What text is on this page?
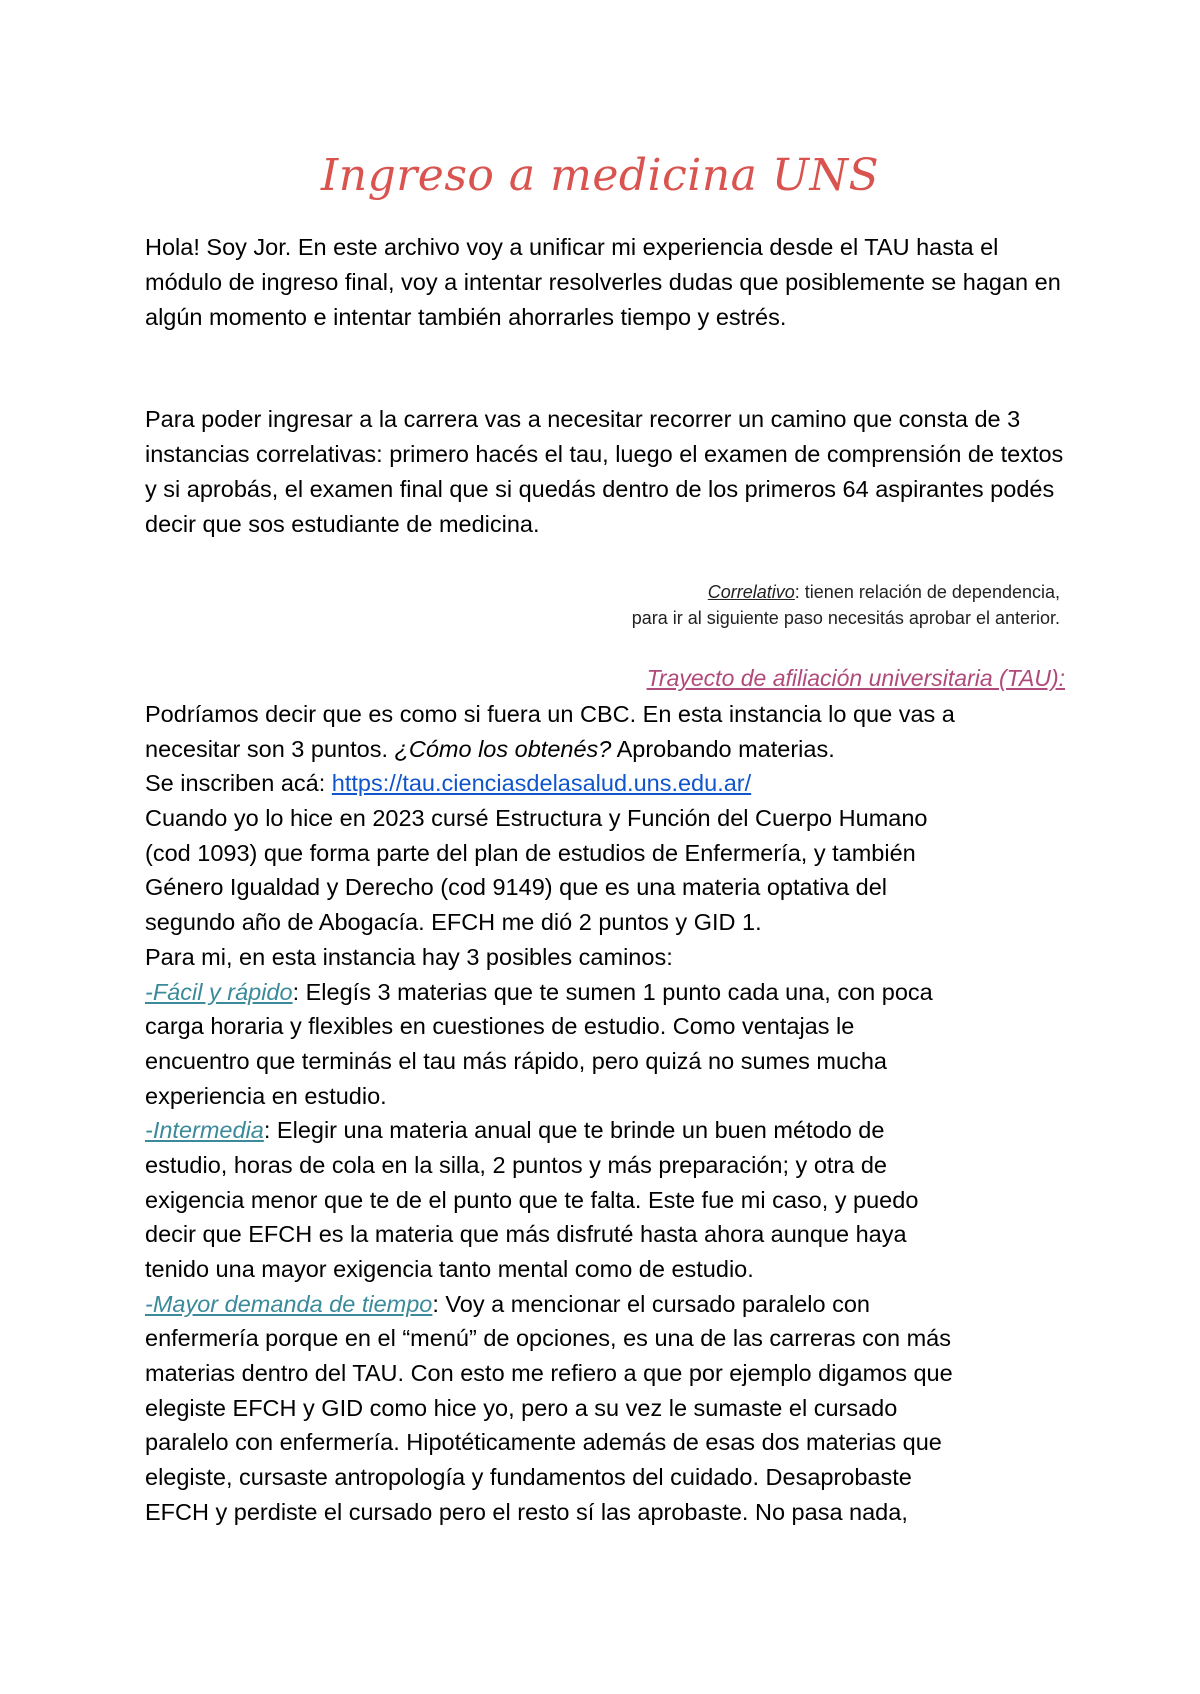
Ingreso a medicina UNS
Hola! Soy Jor. En este archivo voy a unificar mi experiencia desde el TAU hasta el módulo de ingreso final, voy a intentar resolverles dudas que posiblemente se hagan en algún momento e intentar también ahorrarles tiempo y estrés.
Para poder ingresar a la carrera vas a necesitar recorrer un camino que consta de 3 instancias correlativas: primero hacés el tau, luego el examen de comprensión de textos y si aprobás, el examen final que si quedás dentro de los primeros 64 aspirantes podés decir que sos estudiante de medicina.
Correlativo: tienen relación de dependencia,
para ir al siguiente paso necesitás aprobar el anterior.
Trayecto de afiliación universitaria (TAU):
Podríamos decir que es como si fuera un CBC. En esta instancia lo que vas a
necesitar son 3 puntos. ¿Cómo los obtenés? Aprobando materias.
Se inscriben acá: https://tau.cienciasdelasalud.uns.edu.ar/
Cuando yo lo hice en 2023 cursé Estructura y Función del Cuerpo Humano
(cod 1093) que forma parte del plan de estudios de Enfermería, y también
Género Igualdad y Derecho (cod 9149) que es una materia optativa del
segundo año de Abogacía. EFCH me dió 2 puntos y GID 1.
Para mi, en esta instancia hay 3 posibles caminos:
-Fácil y rápido: Elegís 3 materias que te sumen 1 punto cada una, con poca
carga horaria y flexibles en cuestiones de estudio. Como ventajas le
encuentro que terminás el tau más rápido, pero quizá no sumes mucha
experiencia en estudio.
-Intermedia: Elegir una materia anual que te brinde un buen método de
estudio, horas de cola en la silla, 2 puntos y más preparación; y otra de
exigencia menor que te de el punto que te falta. Este fue mi caso, y puedo
decir que EFCH es la materia que más disfruté hasta ahora aunque haya
tenido una mayor exigencia tanto mental como de estudio.
-Mayor demanda de tiempo: Voy a mencionar el cursado paralelo con
enfermería porque en el “menú” de opciones, es una de las carreras con más
materias dentro del TAU. Con esto me refiero a que por ejemplo digamos que
elegiste EFCH y GID como hice yo, pero a su vez le sumaste el cursado
paralelo con enfermería. Hipotéticamente además de esas dos materias que
elegiste, cursaste antropología y fundamentos del cuidado. Desaprobaste
EFCH y perdiste el cursado pero el resto sí las aprobaste. No pasa nada,
